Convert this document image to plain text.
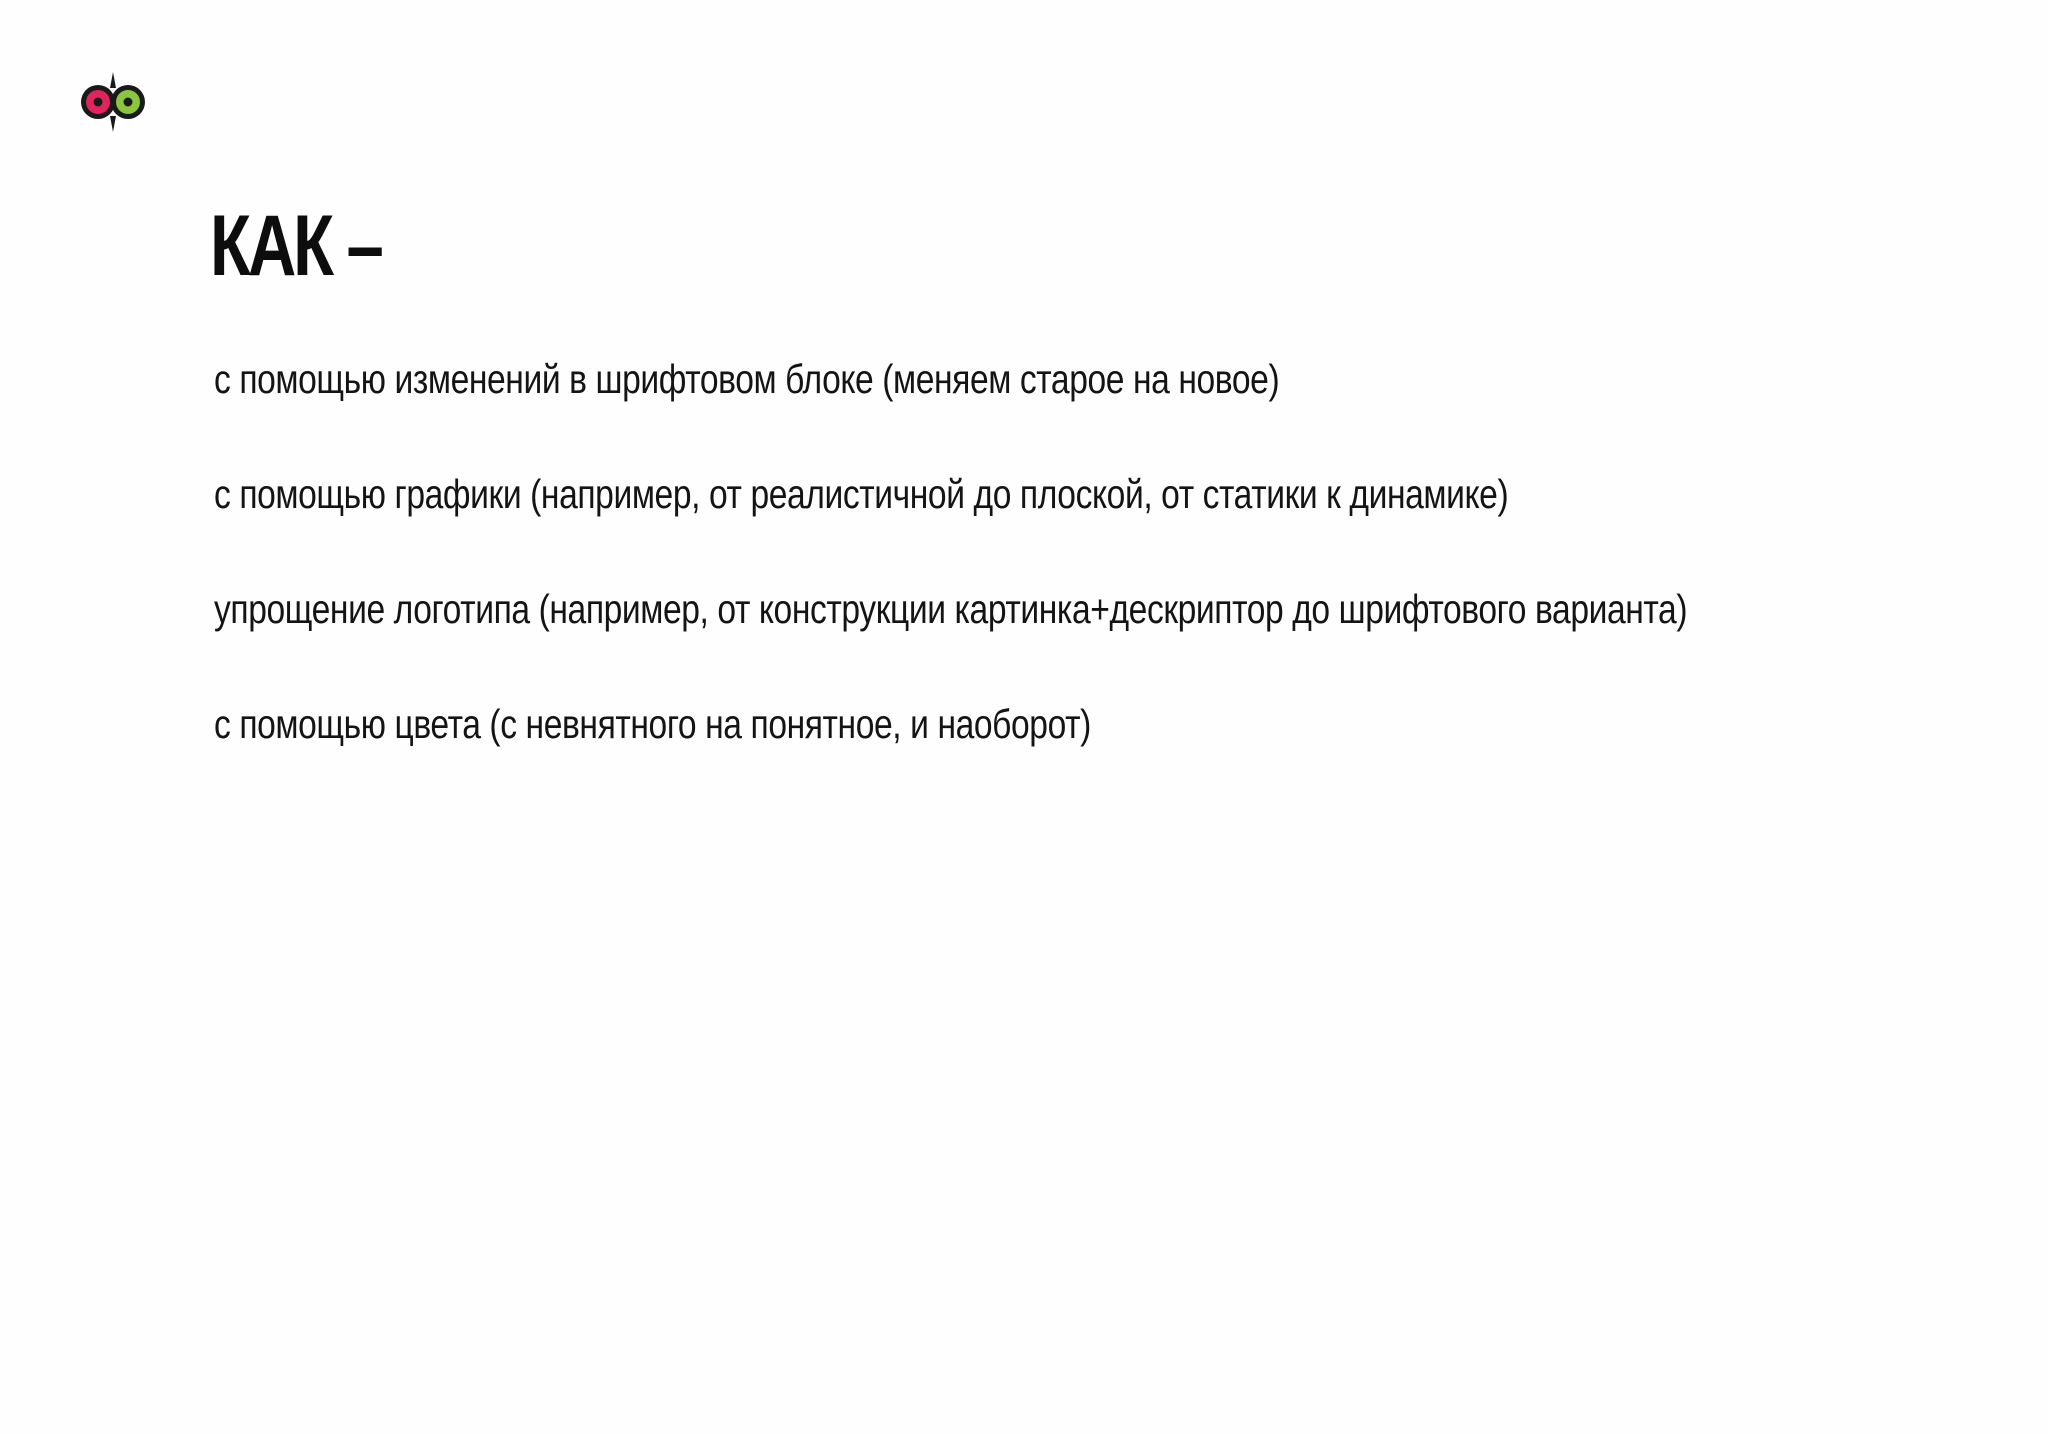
КАК –
с помощью изменений в шрифтовом блоке (меняем старое на новое)
с помощью графики (например, от реалистичной до плоской, от статики к динамике)
упрощение логотипа (например, от конструкции картинка+дескриптор до шрифтового варианта)
с помощью цвета (с невнятного на понятное, и наоборот)
